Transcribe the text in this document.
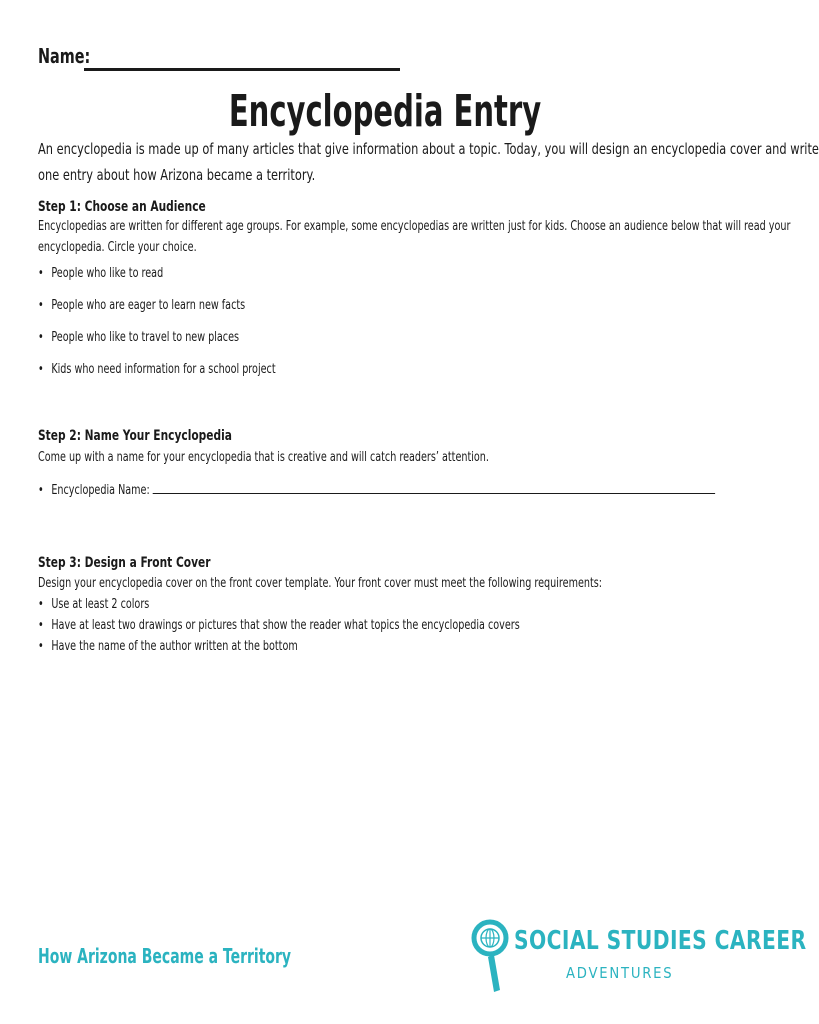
Name:
Encyclopedia Entry
An encyclopedia is made up of many articles that give information about a topic. Today, you will design an encyclopedia cover and write
one entry about how Arizona became a territory.
Step 1: Choose an Audience
Encyclopedias are written for different age groups. For example, some encyclopedias are written just for kids. Choose an audience below that will read your
encyclopedia. Circle your choice.
• People who like to read
• People who are eager to learn new facts
• People who like to travel to new places
• Kids who need information for a school project
Step 2: Name Your Encyclopedia
Come up with a name for your encyclopedia that is creative and will catch readers’ attention.
• Encyclopedia Name:
Step 3: Design a Front Cover
Design your encyclopedia cover on the front cover template. Your front cover must meet the following requirements:
• Use at least 2 colors
• Have at least two drawings or pictures that show the reader what topics the encyclopedia covers
• Have the name of the author written at the bottom
How Arizona Became a Territory	SOCIAL STUDIES CAREER
ADVENTURES
